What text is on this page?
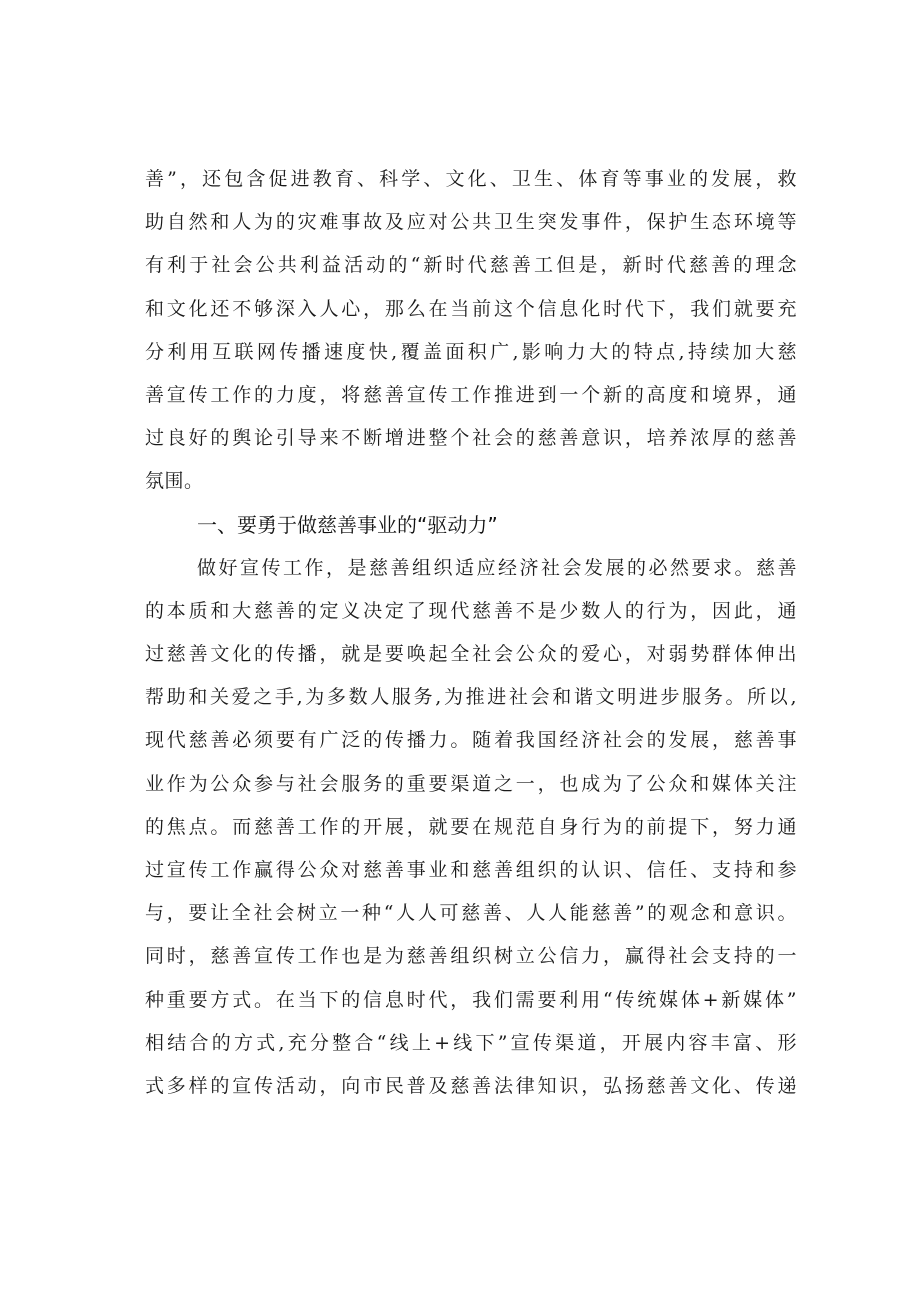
善”，还包含促进教育、科学、文化、卫生、体育等事业的发展，救
助自然和人为的灾难事故及应对公共卫生突发事件，保护生态环境等
有利于社会公共利益活动的“新时代慈善工但是，新时代慈善的理念
和文化还不够深入人心，那么在当前这个信息化时代下，我们就要充
分利用互联网传播速度快,覆盖面积广,影响力大的特点,持续加大慈
善宣传工作的力度，将慈善宣传工作推进到一个新的高度和境界，通
过良好的舆论引导来不断增进整个社会的慈善意识，培养浓厚的慈善
氛围。
一、要勇于做慈善事业的“驱动力”
做好宣传工作，是慈善组织适应经济社会发展的必然要求。慈善
的本质和大慈善的定义决定了现代慈善不是少数人的行为，因此，通
过慈善文化的传播，就是要唤起全社会公众的爱心，对弱势群体伸出
帮助和关爱之手,为多数人服务,为推进社会和谐文明进步服务。所以,
现代慈善必须要有广泛的传播力。随着我国经济社会的发展，慈善事
业作为公众参与社会服务的重要渠道之一，也成为了公众和媒体关注
的焦点。而慈善工作的开展，就要在规范自身行为的前提下，努力通
过宣传工作赢得公众对慈善事业和慈善组织的认识、信任、支持和参
与，要让全社会树立一种“人人可慈善、人人能慈善”的观念和意识。
同时，慈善宣传工作也是为慈善组织树立公信力，赢得社会支持的一
种重要方式。在当下的信息时代，我们需要利用“传统媒体+新媒体”
相结合的方式,充分整合“线上+线下”宣传渠道，开展内容丰富、形
式多样的宣传活动，向市民普及慈善法律知识，弘扬慈善文化、传递
